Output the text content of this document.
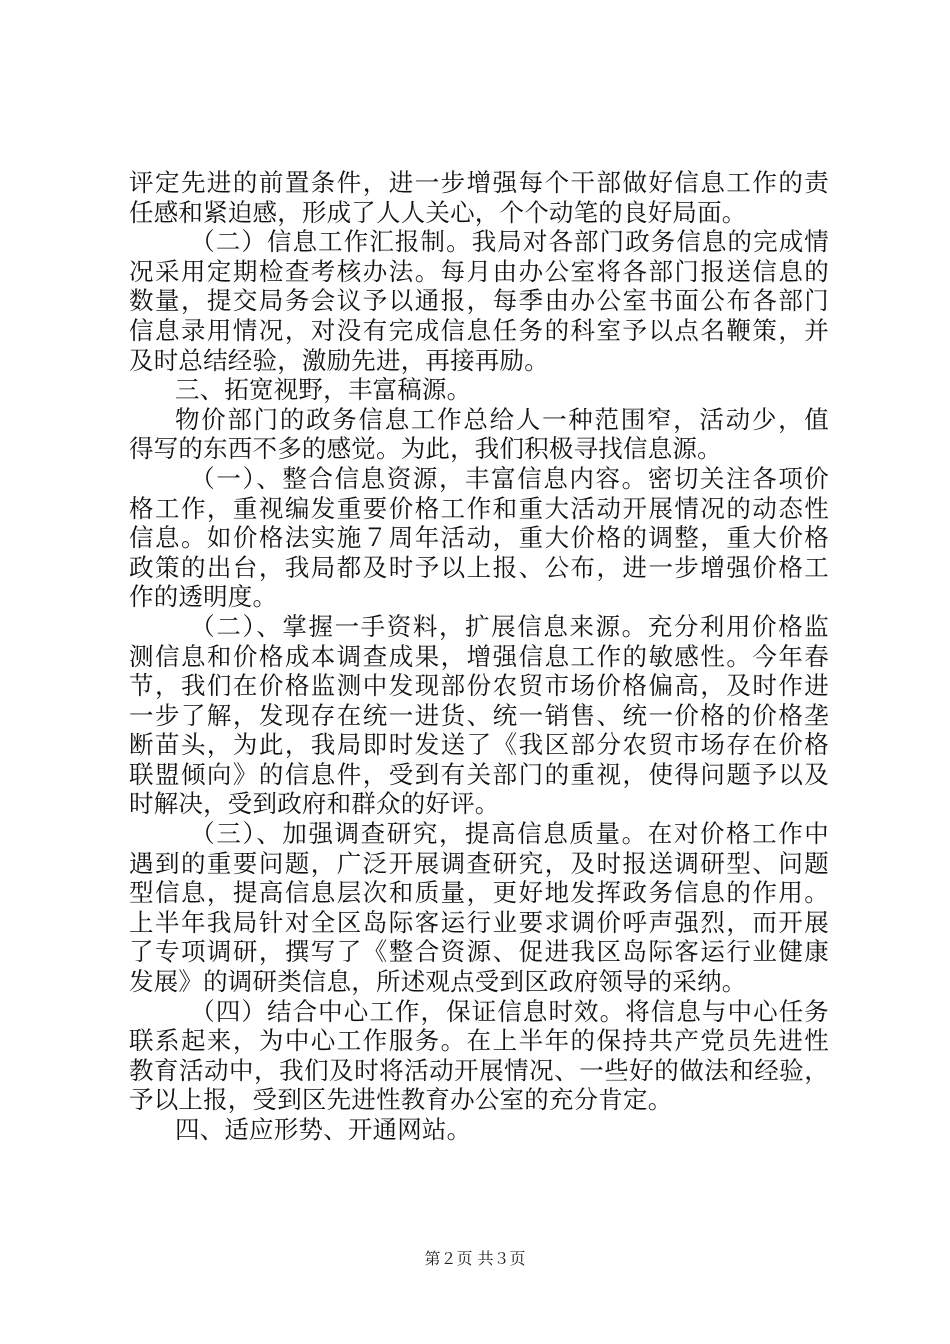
评定先进的前置条件，进一步增强每个干部做好信息工作的责
任感和紧迫感，形成了人人关心，个个动笔的良好局面。
（二）信息工作汇报制。我局对各部门政务信息的完成情
况采用定期检查考核办法。每月由办公室将各部门报送信息的
数量，提交局务会议予以通报，每季由办公室书面公布各部门
信息录用情况，对没有完成信息任务的科室予以点名鞭策，并
及时总结经验，激励先进，再接再励。
三、拓宽视野，丰富稿源。
物价部门的政务信息工作总给人一种范围窄，活动少，值
得写的东西不多的感觉。为此，我们积极寻找信息源。
（一）、整合信息资源，丰富信息内容。密切关注各项价
格工作，重视编发重要价格工作和重大活动开展情况的动态性
信息。如价格法实施７周年活动，重大价格的调整，重大价格
政策的出台，我局都及时予以上报、公布，进一步增强价格工
作的透明度。
（二）、掌握一手资料，扩展信息来源。充分利用价格监
测信息和价格成本调查成果，增强信息工作的敏感性。今年春
节，我们在价格监测中发现部份农贸市场价格偏高，及时作进
一步了解，发现存在统一进货、统一销售、统一价格的价格垄
断苗头，为此，我局即时发送了《我区部分农贸市场存在价格
联盟倾向》的信息件，受到有关部门的重视，使得问题予以及
时解决，受到政府和群众的好评。
（三）、加强调查研究，提高信息质量。在对价格工作中
遇到的重要问题，广泛开展调查研究，及时报送调研型、问题
型信息，提高信息层次和质量，更好地发挥政务信息的作用。
上半年我局针对全区岛际客运行业要求调价呼声强烈，而开展
了专项调研，撰写了《整合资源、促进我区岛际客运行业健康
发展》的调研类信息，所述观点受到区政府领导的采纳。
（四）结合中心工作，保证信息时效。将信息与中心任务
联系起来，为中心工作服务。在上半年的保持共产党员先进性
教育活动中，我们及时将活动开展情况、一些好的做法和经验，
予以上报，受到区先进性教育办公室的充分肯定。
四、适应形势、开通网站。
第２页 共３页
